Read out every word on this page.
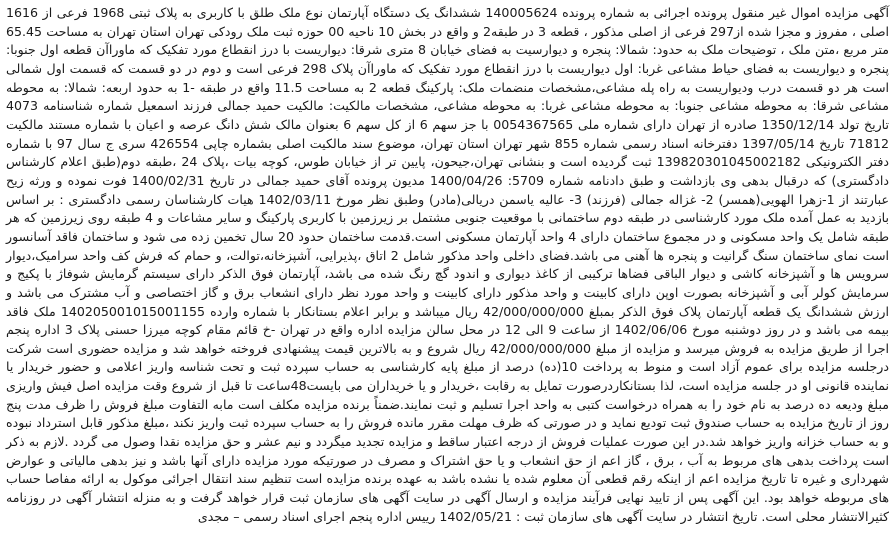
آگهی مزایده اموال غیر منقول پرونده اجرائی به شماره پرونده 140005624 ششدانگ یک دستگاه آپارتمان نوع ملک طلق با کاربری به پلاک ثبتی 1968 فرعی از 1616 اصلی ، مفروز و مجزا شده از297 فرعی از اصلی مذکور ، قطعه 3 در طبقه2 و واقع در بخش 10 ناحیه 00 حوزه ثبت ملک رودکی تهران استان تهران به مساحت 65.45 متر مربع ،متن ملک ، توضیحات ملک به حدود: شمالا: پنجره و دیوارسیت به فضای خیابان 8 متری شرقا: دیواریست با درز انقطاع مورد تفکیک که ماوراآن قطعه اول جنوبا: پنجره و دیواریست به فضای حیاط مشاعی غربا: اول دیواریست با درز انقطاع مورد تفکیک که ماوراآن پلاک 298 فرعی است و دوم در دو قسمت که قسمت اول شمالی است هر دو قسمت درب ودیواریست به راه پله مشاعی،مشخصات منضمات ملک: پارکینگ قطعه 2 به مساحت 11.5 واقع در طبقه -1 به حدود اربعه: شمالا: به محوطه مشاعی شرقا: به محوطه مشاعی جنوبا: به محوطه مشاعی غربا: به محوطه مشاعی، مشخصات مالکیت: مالکیت حمید جمالی فرزند اسمعیل شماره شناسنامه 4073 تاریخ تولد 1350/12/14 صادره از تهران دارای شماره ملی 0054367565 با جز سهم 6 از کل سهم 6 بعنوان مالک شش دانگ عرصه و اعیان با شماره مستند مالکیت 71812 تاریخ 1397/05/14 دفترخانه اسناد رسمی شماره 855 شهر تهران استان تهران، موضوع سند مالکیت اصلی بشماره چاپی 426554 سری ج سال 97 با شماره دفتر الکترونیکی 139820301045002182 ثبت گردیده است و بنشانی تهران،جیحون، پایین تر از خیابان طوس، کوچه بیات ،پلاک 24 ،طبقه دوم(طبق اعلام کارشناس دادگستری) که درقبال بدهی وی بازداشت و طبق دادنامه شماره 5709: 1400/04/26 مدیون پرونده آقای حمید جمالی در تاریخ 1400/02/31 فوت نموده و ورثه زیح عبارتند از 1-زهرا الهویی(همسر) 2- غزاله جمالی (فرزند) 3- عالیه یاسمن دریالی(مادر) وطبق نظر مورخ 1402/03/11 هیات کارشناسان رسمی دادگستری : بر اساس بازدید به عمل آمده ملک مورد کارشناسی در طبقه دوم ساختمانی با موقعیت جنوبی مشتمل بر زیرزمین با کاربری پارکینگ و سایر مشاعات و 4 طبقه روی زیرزمین که هر طبقه شامل یک واحد مسکونی و در مجموع ساختمان دارای 4 واحد آپارتمان مسکونی است.قدمت ساختمان حدود 20 سال تخمین زده می شود و ساختمان فاقد آسانسور است نمای ساختمان سنگ گرانیت و پنجره ها آهنی می باشد.فضای داخلی واحد مذکور شامل 2 اتاق ،پذیرایی، آشپزخانه،توالت، و حمام که فرش کف واحد سرامیک،دیوار سرویس ها و آشپزخانه کاشی و دیوار الباقی فضاها ترکیبی از کاغذ دیواری و اندود گچ رنگ شده می باشد، آپارتمان فوق الذکر دارای سیستم گرمایش شوفاژ با پکیج و سرمایش کولر آبی و آشپزخانه بصورت اوپن دارای کابینت و واحد مذکور دارای کابینت و واحد مورد نظر دارای انشعاب برق و گاز اختصاصی و آب مشترک می باشد و ارزش ششدانگ یک قطعه آپارتمان پلاک فوق الذکر بمبلغ 42/000/000/000 ریال میباشد و برابر اعلام بستانکار با شماره وارده 140205001015001155 ملک فاقد بیمه می باشد و در روز دوشنبه مورخ 1402/06/06 از ساعت 9 الی 12 در محل سالن مزایده اداره واقع در تهران -خ قائم مقام کوچه میرزا حسنی پلاک 3 اداره پنجم اجرا از طریق مزایده به فروش میرسد و مزایده از مبلغ 42/000/000/000 ریال شروع و به بالاترین قیمت پیشنهادی فروخته خواهد شد و مزایده حضوری است شرکت درجلسه مزایده برای عموم آزاد است و منوط به پرداخت 10(ده) درصد از مبلغ پایه کارشناسی به حساب سپرده ثبت و تحت شناسه واریز اعلامی و حضور خریدار یا نماینده قانونی او در جلسه مزایده است، لذا بستانکاردرصورت تمایل به رقابت ،خریدار و یا خریداران می بایست48ساعت تا قبل از شروع وقت مزایده اصل فیش واریزی مبلغ ودیعه ده درصد به نام خود را به همراه درخواست کتبی به واحد اجرا تسلیم و ثبت نمایند.ضمناً برنده مزایده مکلف است مابه التفاوت مبلغ فروش را ظرف مدت پنج روز از تاریخ مزایده به حساب صندوق ثبت تودیع نماید و در صورتی که ظرف مهلت مقرر مانده فروش را به حساب سپرده ثبت واریز نکند ،مبلغ مذکور قابل استرداد نبوده و به حساب خزانه واریز خواهد شد.در این صورت عملیات فروش از درجه اعتبار ساقط و مزایده تجدید میگردد و نیم عشر و حق مزایده نقدا وصول می گردد .لازم به ذکر است پرداخت بدهی های مربوط به آب ، برق ، گاز اعم از حق انشعاب و یا حق اشتراک و مصرف در صورتیکه مورد مزایده دارای آنها باشد و نیز بدهی مالیاتی و عوارض شهرداری و غیره تا تاریخ مزایده اعم از اینکه رقم قطعی آن معلوم شده یا نشده باشد به عهده برنده مزایده است تنظیم سند انتقال اجرائی موکول به ارائه مفاصا حساب های مربوطه خواهد بود. این آگهی پس از تایید نهایی فرآیند مزایده و ارسال آگهی در سایت آگهی های سازمان ثبت قرار خواهد گرفت و به منزله انتشار آگهی در روزنامه کثیرالانتشار محلی است. تاریخ انتشار در سایت آگهی های سازمان ثبت : 1402/05/21 رییس اداره پنجم اجرای اسناد رسمی – مجدی
